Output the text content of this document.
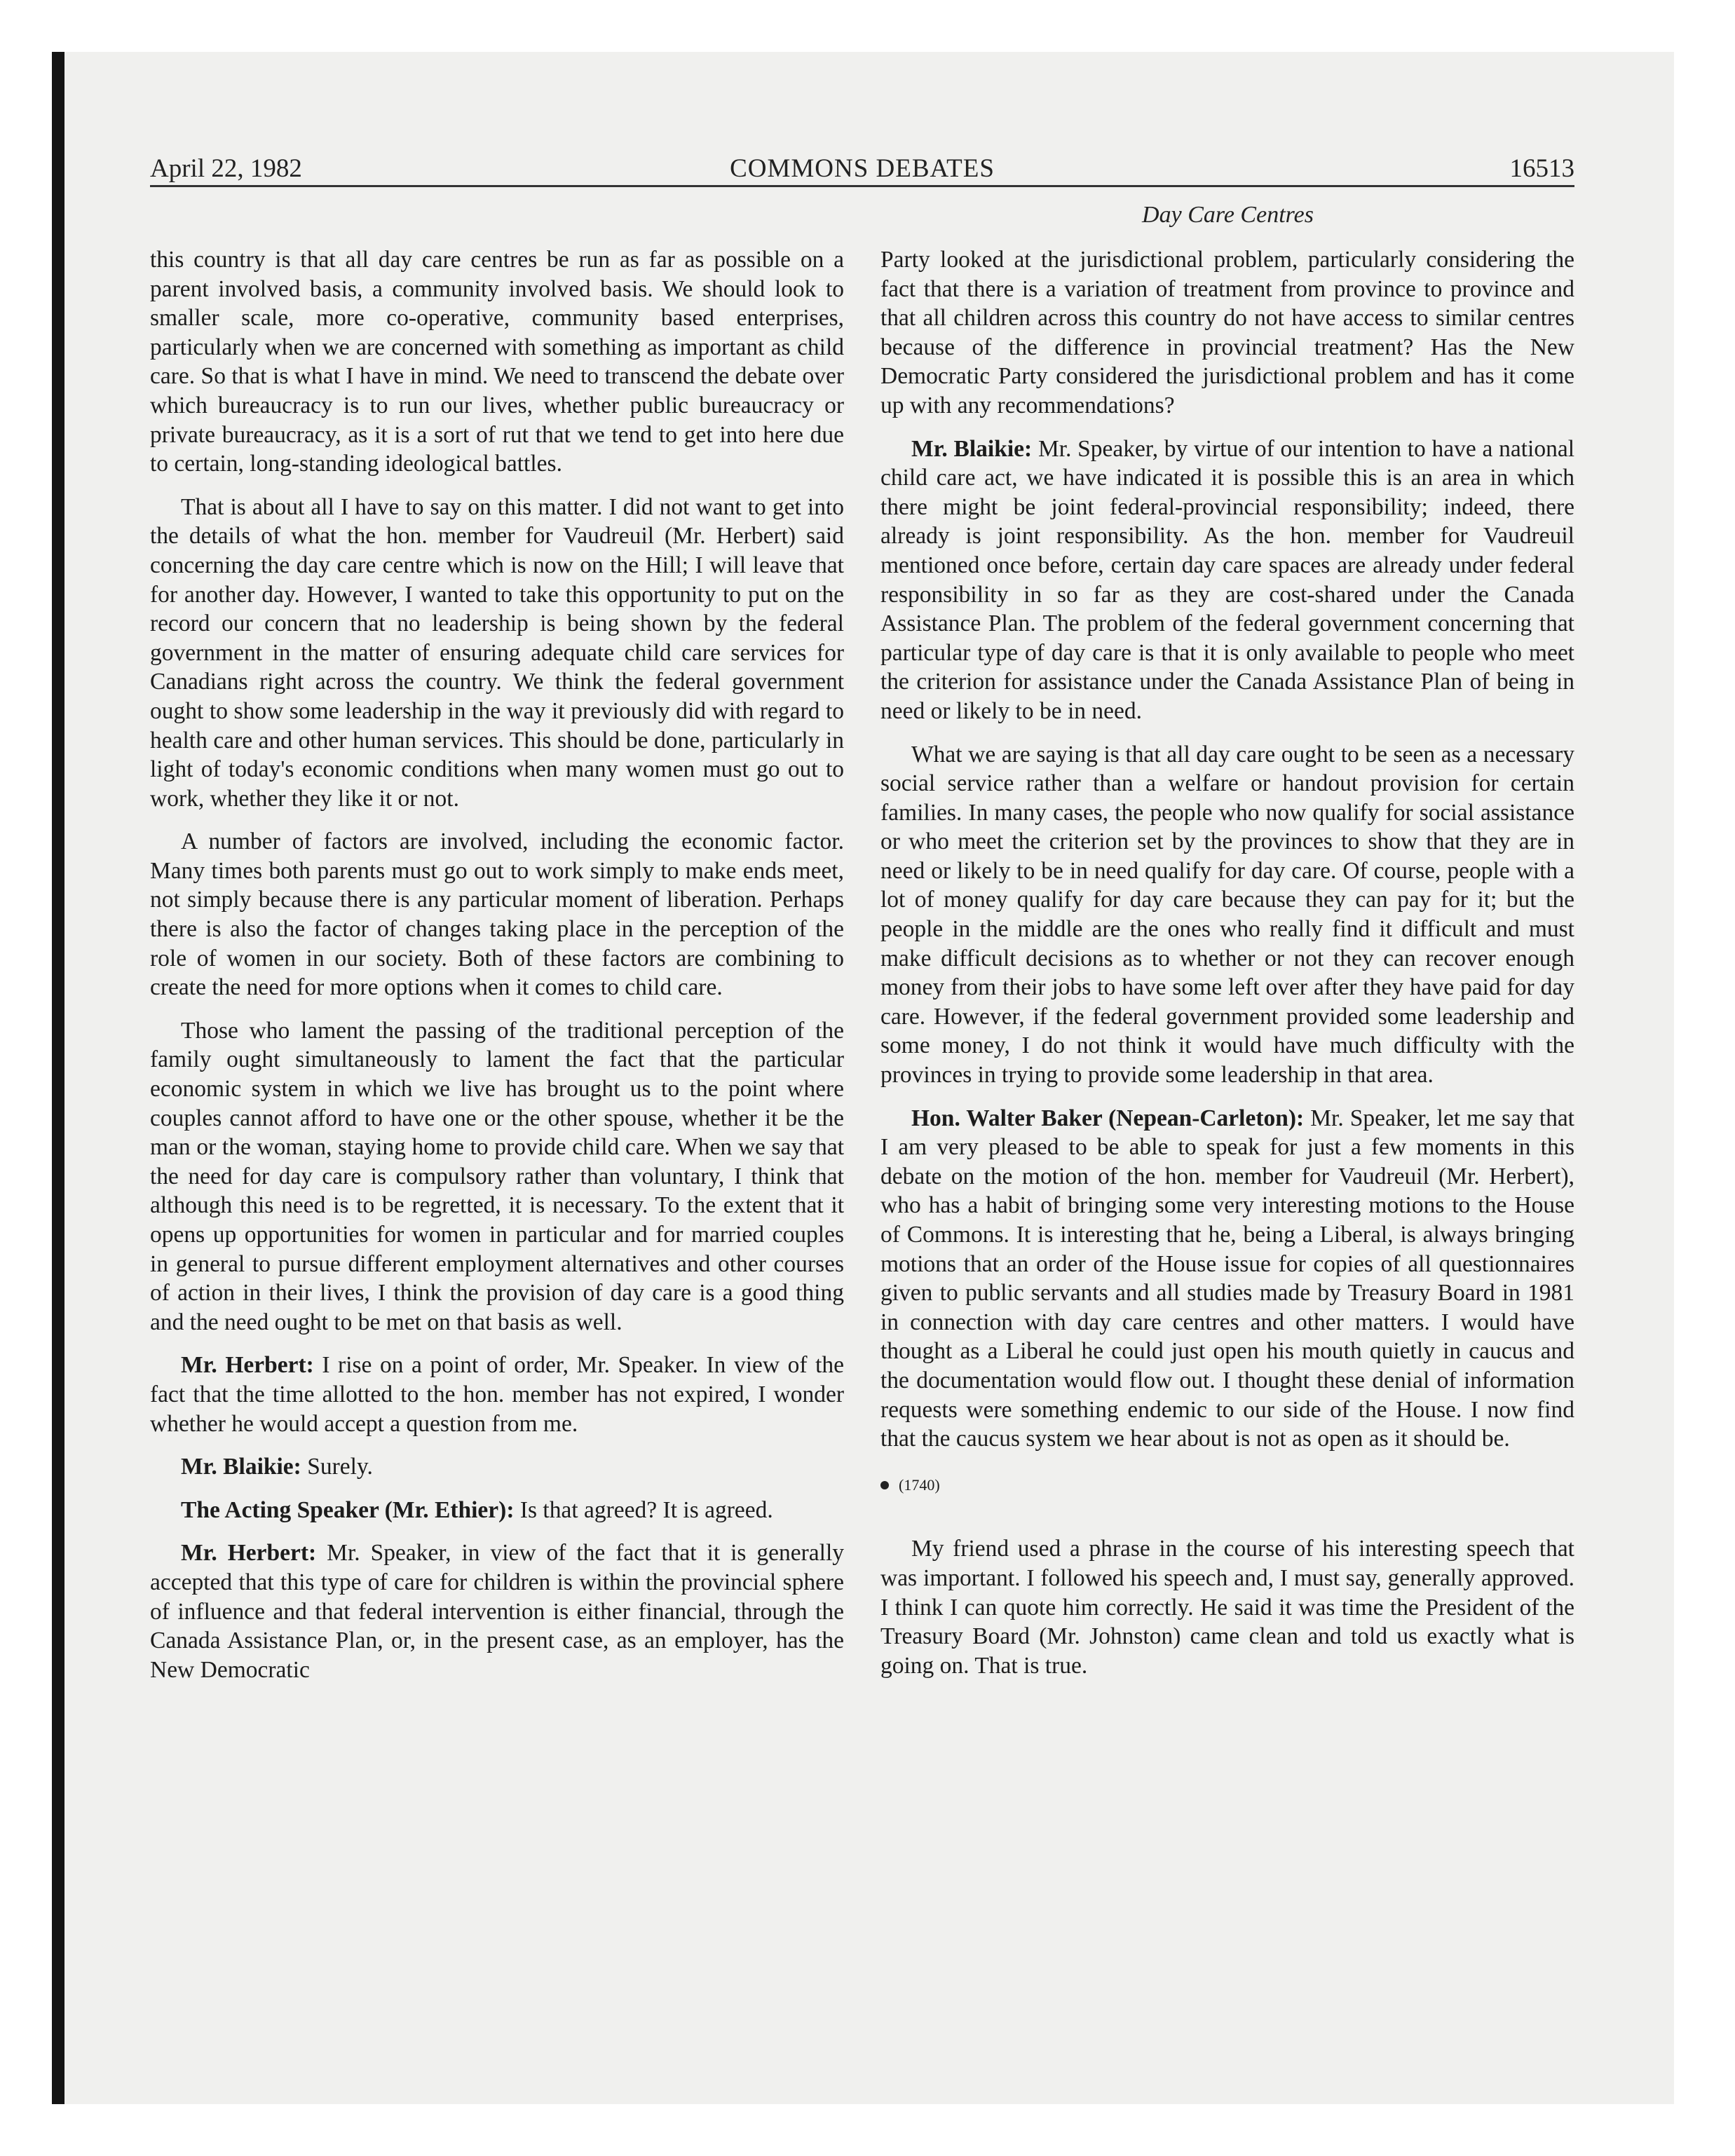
April 22, 1982	COMMONS DEBATES	16513
Day Care Centres

this country is that all day care centres be run as far as possible on a parent involved basis, a community involved basis. We should look to smaller scale, more co-operative, community based enterprises, particularly when we are concerned with something as important as child care. So that is what I have in mind. We need to transcend the debate over which bureaucracy is to run our lives, whether public bureaucracy or private bureaucracy, as it is a sort of rut that we tend to get into here due to certain, long-standing ideological battles.

That is about all I have to say on this matter. I did not want to get into the details of what the hon. member for Vaudreuil (Mr. Herbert) said concerning the day care centre which is now on the Hill; I will leave that for another day. However, I wanted to take this opportunity to put on the record our concern that no leadership is being shown by the federal government in the matter of ensuring adequate child care services for Canadians right across the country. We think the federal government ought to show some leadership in the way it previously did with regard to health care and other human services. This should be done, particularly in light of today's economic conditions when many women must go out to work, whether they like it or not.

A number of factors are involved, including the economic factor. Many times both parents must go out to work simply to make ends meet, not simply because there is any particular moment of liberation. Perhaps there is also the factor of changes taking place in the perception of the role of women in our society. Both of these factors are combining to create the need for more options when it comes to child care.

Those who lament the passing of the traditional perception of the family ought simultaneously to lament the fact that the particular economic system in which we live has brought us to the point where couples cannot afford to have one or the other spouse, whether it be the man or the woman, staying home to provide child care. When we say that the need for day care is compulsory rather than voluntary, I think that although this need is to be regretted, it is necessary. To the extent that it opens up opportunities for women in particular and for married couples in general to pursue different employment alternatives and other courses of action in their lives, I think the provision of day care is a good thing and the need ought to be met on that basis as well.

Mr. Herbert: I rise on a point of order, Mr. Speaker. In view of the fact that the time allotted to the hon. member has not expired, I wonder whether he would accept a question from me.

Mr. Blaikie: Surely.

The Acting Speaker (Mr. Ethier): Is that agreed? It is agreed.

Mr. Herbert: Mr. Speaker, in view of the fact that it is generally accepted that this type of care for children is within the provincial sphere of influence and that federal intervention is either financial, through the Canada Assistance Plan, or, in the present case, as an employer, has the New Democratic

Party looked at the jurisdictional problem, particularly considering the fact that there is a variation of treatment from province to province and that all children across this country do not have access to similar centres because of the difference in provincial treatment? Has the New Democratic Party considered the jurisdictional problem and has it come up with any recommendations?

Mr. Blaikie: Mr. Speaker, by virtue of our intention to have a national child care act, we have indicated it is possible this is an area in which there might be joint federal-provincial responsibility; indeed, there already is joint responsibility. As the hon. member for Vaudreuil mentioned once before, certain day care spaces are already under federal responsibility in so far as they are cost-shared under the Canada Assistance Plan. The problem of the federal government concerning that particular type of day care is that it is only available to people who meet the criterion for assistance under the Canada Assistance Plan of being in need or likely to be in need.

What we are saying is that all day care ought to be seen as a necessary social service rather than a welfare or handout provision for certain families. In many cases, the people who now qualify for social assistance or who meet the criterion set by the provinces to show that they are in need or likely to be in need qualify for day care. Of course, people with a lot of money qualify for day care because they can pay for it; but the people in the middle are the ones who really find it difficult and must make difficult decisions as to whether or not they can recover enough money from their jobs to have some left over after they have paid for day care. However, if the federal government provided some leadership and some money, I do not think it would have much difficulty with the provinces in trying to provide some leadership in that area.

Hon. Walter Baker (Nepean-Carleton): Mr. Speaker, let me say that I am very pleased to be able to speak for just a few moments in this debate on the motion of the hon. member for Vaudreuil (Mr. Herbert), who has a habit of bringing some very interesting motions to the House of Commons. It is interesting that he, being a Liberal, is always bringing motions that an order of the House issue for copies of all questionnaires given to public servants and all studies made by Treasury Board in 1981 in connection with day care centres and other matters. I would have thought as a Liberal he could just open his mouth quietly in caucus and the documentation would flow out. I thought these denial of information requests were something endemic to our side of the House. I now find that the caucus system we hear about is not as open as it should be.

(1740)

My friend used a phrase in the course of his interesting speech that was important. I followed his speech and, I must say, generally approved. I think I can quote him correctly. He said it was time the President of the Treasury Board (Mr. Johnston) came clean and told us exactly what is going on. That is true.
